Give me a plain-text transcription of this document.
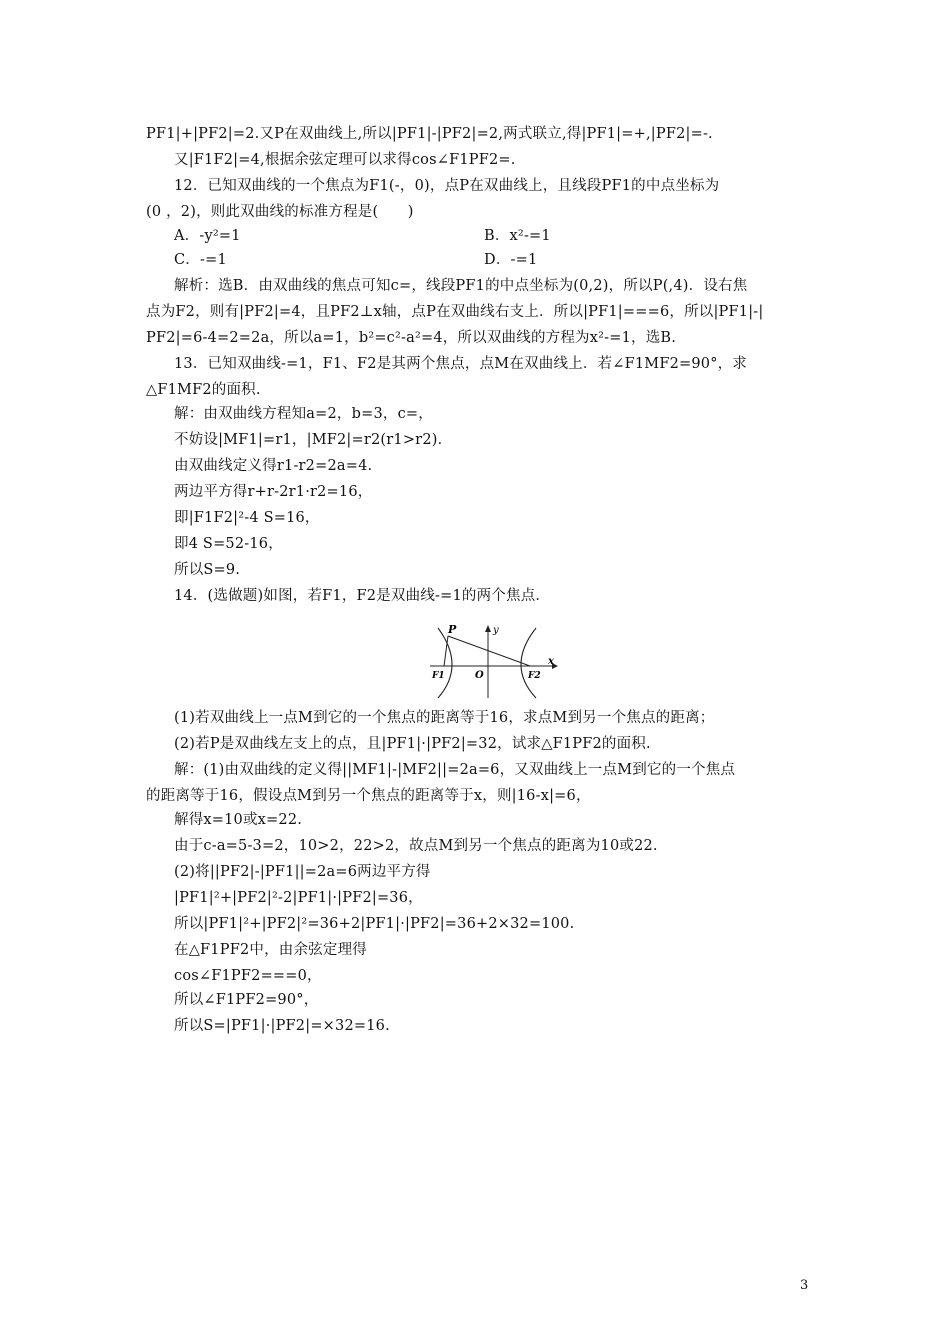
PF1|+|PF2|=2.又P在双曲线上,所以|PF1|-|PF2|=2,两式联立,得|PF1|=+,|PF2|=-.
又|F1F2|=4,根据余弦定理可以求得cos∠F1PF2=.
12．已知双曲线的一个焦点为F1(-，0)，点P在双曲线上，且线段PF1的中点坐标为
(0 ，2)，则此双曲线的标准方程是(　　)
A．-y²=1	B．x²-=1
C．-=1	D．-=1
解析：选B．由双曲线的焦点可知c=，线段PF1的中点坐标为(0,2)，所以P(,4)．设右焦
点为F2，则有|PF2|=4，且PF2⊥x轴，点P在双曲线右支上．所以|PF1|===6，所以|PF1|-|
PF2|=6-4=2=2a，所以a=1，b²=c²-a²=4，所以双曲线的方程为x²-=1，选B.
13．已知双曲线-=1，F1、F2是其两个焦点，点M在双曲线上．若∠F1MF2=90°，求
△F1MF2的面积.
解：由双曲线方程知a=2，b=3，c=，
不妨设|MF1|=r1，|MF2|=r2(r1>r2)．
由双曲线定义得r1-r2=2a=4.
两边平方得r+r-2r1·r2=16，
即|F1F2|²-4 S=16，
即4 S=52-16，
所以S=9.
14．(选做题)如图，若F1，F2是双曲线-=1的两个焦点．
P	y
O
x
F1	F2
(1)若双曲线上一点M到它的一个焦点的距离等于16，求点M到另一个焦点的距离；
(2)若P是双曲线左支上的点，且|PF1|·|PF2|=32，试求△F1PF2的面积.
解：(1)由双曲线的定义得||MF1|-|MF2||=2a=6，又双曲线上一点M到它的一个焦点
的距离等于16，假设点M到另一个焦点的距离等于x，则|16-x|=6，
解得x=10或x=22.
由于c-a=5-3=2，10>2，22>2，故点M到另一个焦点的距离为10或22.
(2)将||PF2|-|PF1||=2a=6两边平方得
|PF1|²+|PF2|²-2|PF1|·|PF2|=36，
所以|PF1|²+|PF2|²=36+2|PF1|·|PF2|=36+2×32=100.
在△F1PF2中，由余弦定理得
cos∠F1PF2===0，
所以∠F1PF2=90°，
所以S=|PF1|·|PF2|=×32=16.
3
